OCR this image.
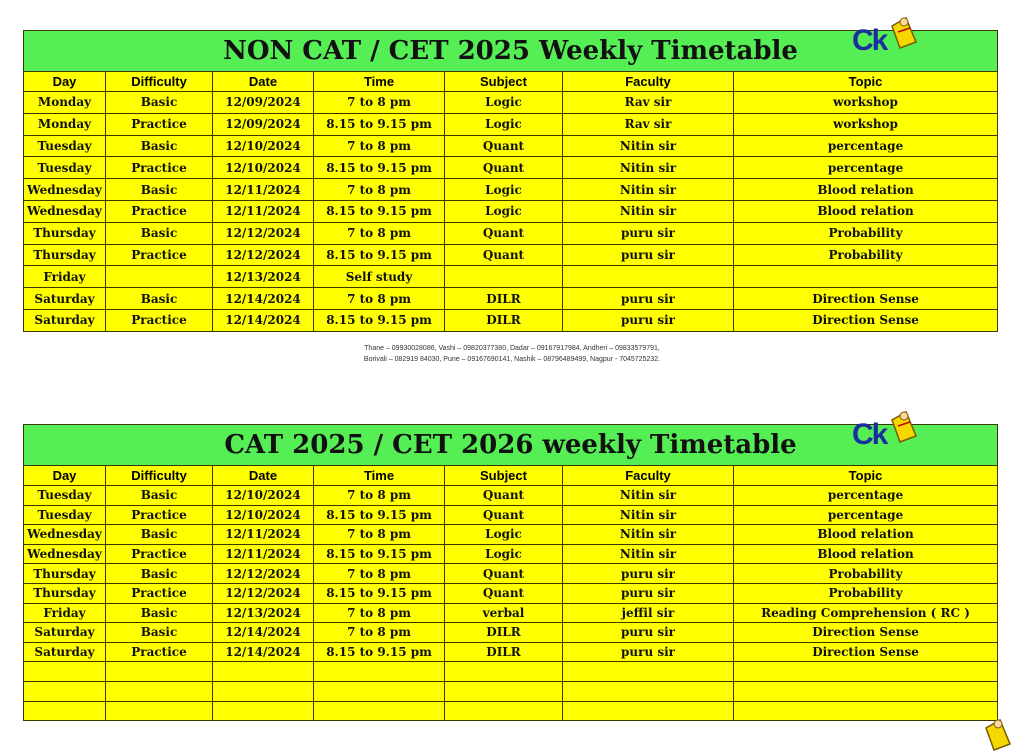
NON CAT / CET 2025 Weekly Timetable						
Day	Difficulty	Date	Time	Subject	Faculty	Topic
Monday	Basic	12/09/2024	7 to 8 pm	Logic	Rav sir	workshop
Monday	Practice	12/09/2024	8.15 to 9.15 pm	Logic	Rav sir	workshop
Tuesday	Basic	12/10/2024	7 to 8 pm	Quant	Nitin sir	percentage
Tuesday	Practice	12/10/2024	8.15 to 9.15 pm	Quant	Nitin sir	percentage
Wednesday	Basic	12/11/2024	7 to 8 pm	Logic	Nitin sir	Blood relation
Wednesday	Practice	12/11/2024	8.15 to 9.15 pm	Logic	Nitin sir	Blood relation
Thursday	Basic	12/12/2024	7 to 8 pm	Quant	puru sir	Probability
Thursday	Practice	12/12/2024	8.15 to 9.15 pm	Quant	puru sir	Probability
Friday		12/13/2024	Self study			
Saturday	Basic	12/14/2024	7 to 8 pm	DILR	puru sir	Direction Sense
Saturday	Practice	12/14/2024	8.15 to 9.15 pm	DILR	puru sir	Direction Sense
Ck
Thane – 09930028086, Vashi – 09820377380, Dadar – 09167917984, Andheri – 09833579791,
Borivali – 082919 84030, Pune – 09167690141, Nashik – 08796489499, Nagpur - 7045725232.
CAT 2025 / CET 2026 weekly Timetable						
Day	Difficulty	Date	Time	Subject	Faculty	Topic
Tuesday	Basic	12/10/2024	7 to 8 pm	Quant	Nitin sir	percentage
Tuesday	Practice	12/10/2024	8.15 to 9.15 pm	Quant	Nitin sir	percentage
Wednesday	Basic	12/11/2024	7 to 8 pm	Logic	Nitin sir	Blood relation
Wednesday	Practice	12/11/2024	8.15 to 9.15 pm	Logic	Nitin sir	Blood relation
Thursday	Basic	12/12/2024	7 to 8 pm	Quant	puru sir	Probability
Thursday	Practice	12/12/2024	8.15 to 9.15 pm	Quant	puru sir	Probability
Friday	Basic	12/13/2024	7 to 8 pm	verbal	jeffil sir	Reading Comprehension ( RC )
Saturday	Basic	12/14/2024	7 to 8 pm	DILR	puru sir	Direction Sense
Saturday	Practice	12/14/2024	8.15 to 9.15 pm	DILR	puru sir	Direction Sense

Ck
